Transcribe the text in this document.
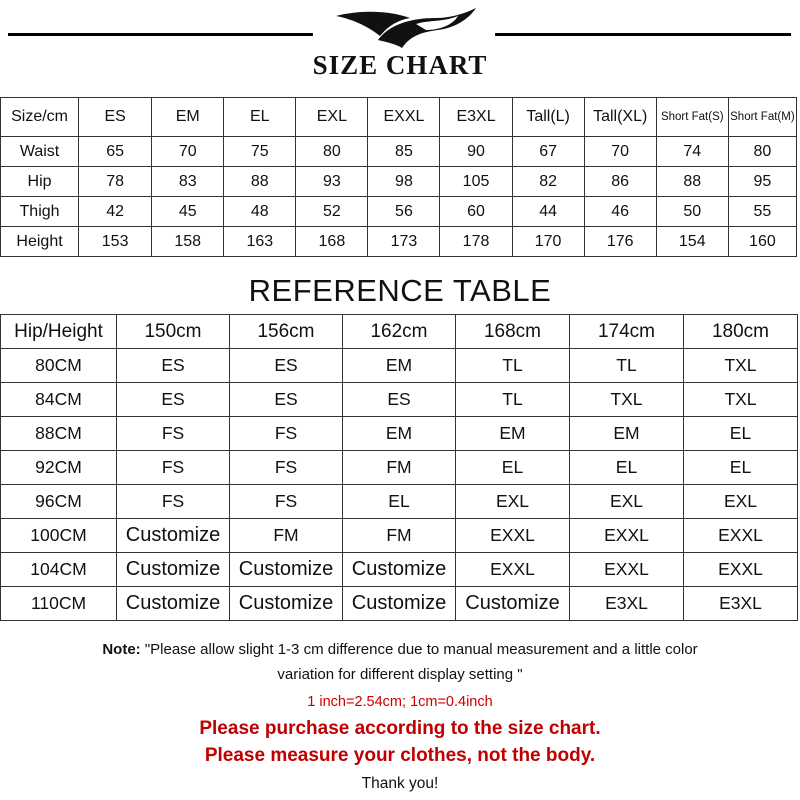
SIZE CHART
Size/cm	ES	EM	EL	EXL	EXXL	E3XL	Tall(L)	Tall(XL)	Short Fat(S)	Short Fat(M)
Waist	65	70	75	80	85	90	67	70	74	80
Hip	78	83	88	93	98	105	82	86	88	95
Thigh	42	45	48	52	56	60	44	46	50	55
Height	153	158	163	168	173	178	170	176	154	160
REFERENCE TABLE
Hip/Height	150cm	156cm	162cm	168cm	174cm	180cm
80CM	ES	ES	EM	TL	TL	TXL
84CM	ES	ES	ES	TL	TXL	TXL
88CM	FS	FS	EM	EM	EM	EL
92CM	FS	FS	FM	EL	EL	EL
96CM	FS	FS	EL	EXL	EXL	EXL
100CM	Customize	FM	FM	EXXL	EXXL	EXXL
104CM	Customize	Customize	Customize	EXXL	EXXL	EXXL
110CM	Customize	Customize	Customize	Customize	E3XL	E3XL
Note: "Please allow slight 1-3 cm difference due to manual measurement and a little color
variation for different display setting "
1 inch=2.54cm; 1cm=0.4inch
Please purchase according to the size chart.
Please measure your clothes, not the body.
Thank you!
